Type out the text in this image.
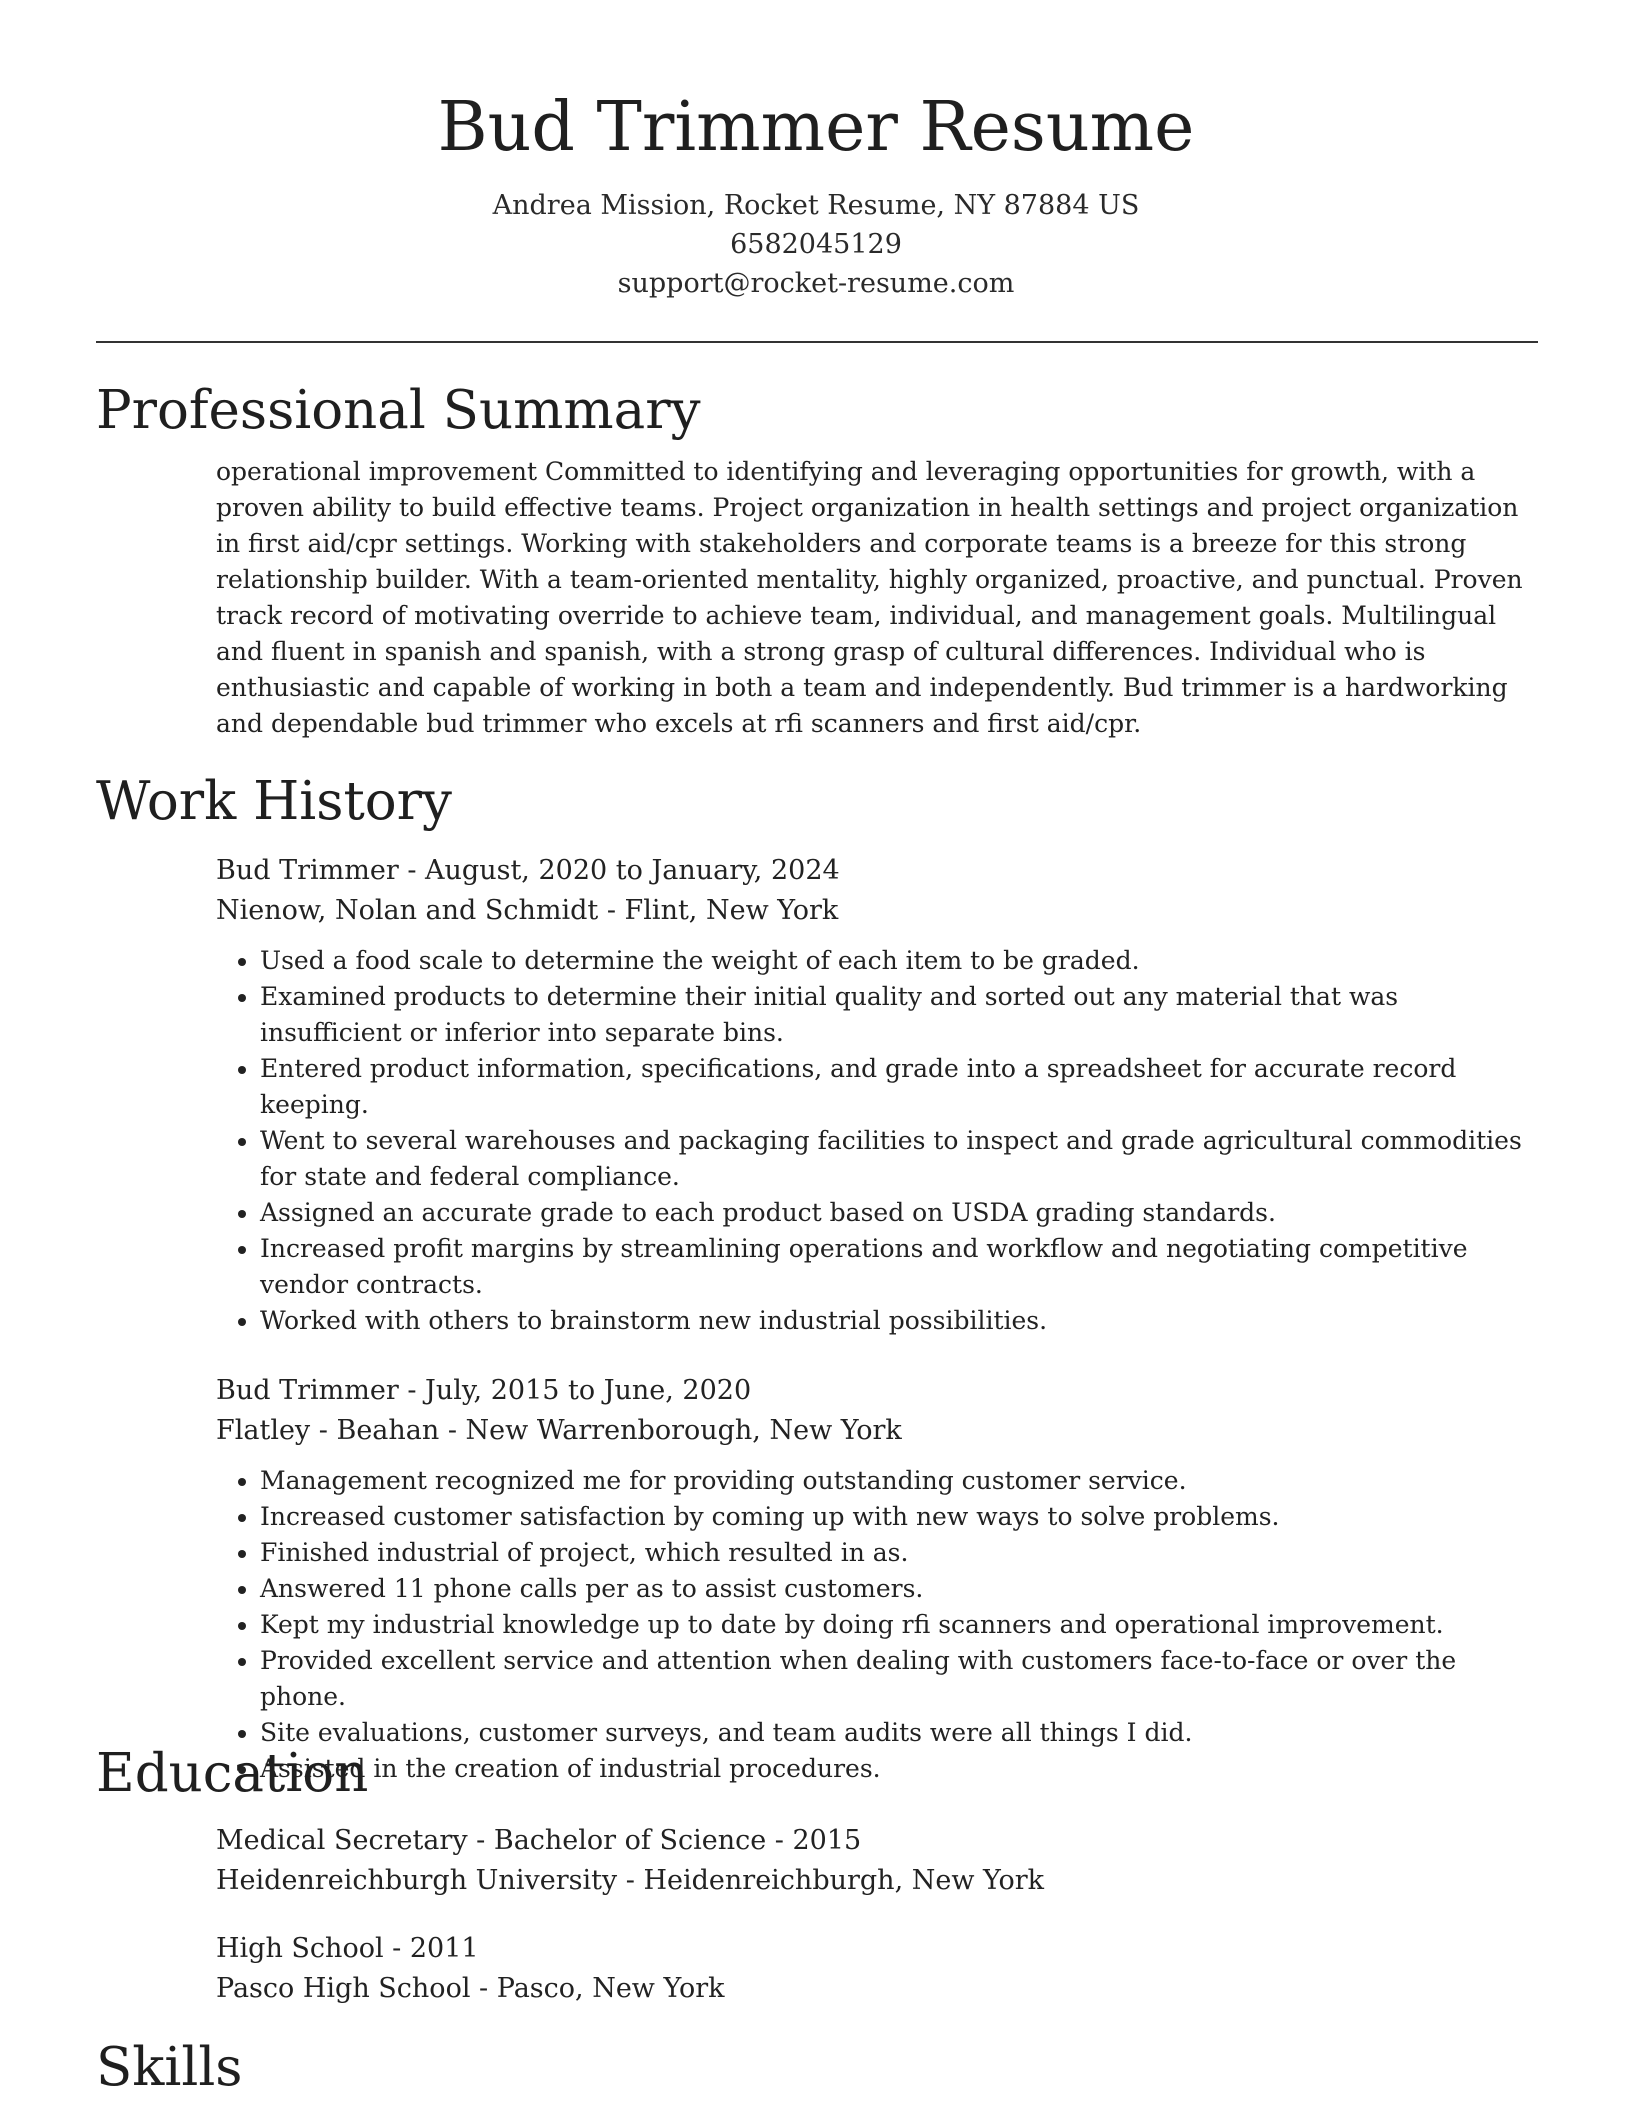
Bud Trimmer Resume
Andrea Mission, Rocket Resume, NY 87884 US
6582045129
support@rocket-resume.com
Professional Summary

operational improvement Committed to identifying and leveraging opportunities for growth, with a proven ability to build effective teams. Project organization in health settings and project organization in first aid/cpr settings. Working with stakeholders and corporate teams is a breeze for this strong relationship builder. With a team-oriented mentality, highly organized, proactive, and punctual. Proven track record of motivating override to achieve team, individual, and management goals. Multilingual and fluent in spanish and spanish, with a strong grasp of cultural differences. Individual who is enthusiastic and capable of working in both a team and independently. Bud trimmer is a hardworking and dependable bud trimmer who excels at rfi scanners and first aid/cpr.

Work History
Bud Trimmer - August, 2020 to January, 2024
Nienow, Nolan and Schmidt - Flint, New York
• Used a food scale to determine the weight of each item to be graded.
• Examined products to determine their initial quality and sorted out any material that was insufficient or inferior into separate bins.
• Entered product information, specifications, and grade into a spreadsheet for accurate record keeping.
• Went to several warehouses and packaging facilities to inspect and grade agricultural commodities for state and federal compliance.
• Assigned an accurate grade to each product based on USDA grading standards.
• Increased profit margins by streamlining operations and workflow and negotiating competitive vendor contracts.
• Worked with others to brainstorm new industrial possibilities.
Bud Trimmer - July, 2015 to June, 2020
Flatley - Beahan - New Warrenborough, New York
• Management recognized me for providing outstanding customer service.
• Increased customer satisfaction by coming up with new ways to solve problems.
• Finished industrial of project, which resulted in as.
• Answered 11 phone calls per as to assist customers.
• Kept my industrial knowledge up to date by doing rfi scanners and operational improvement.
• Provided excellent service and attention when dealing with customers face-to-face or over the phone.
• Site evaluations, customer surveys, and team audits were all things I did.
• Assisted in the creation of industrial procedures.
Education
Medical Secretary - Bachelor of Science - 2015
Heidenreichburgh University - Heidenreichburgh, New York
High School - 2011
Pasco High School - Pasco, New York
Skills
